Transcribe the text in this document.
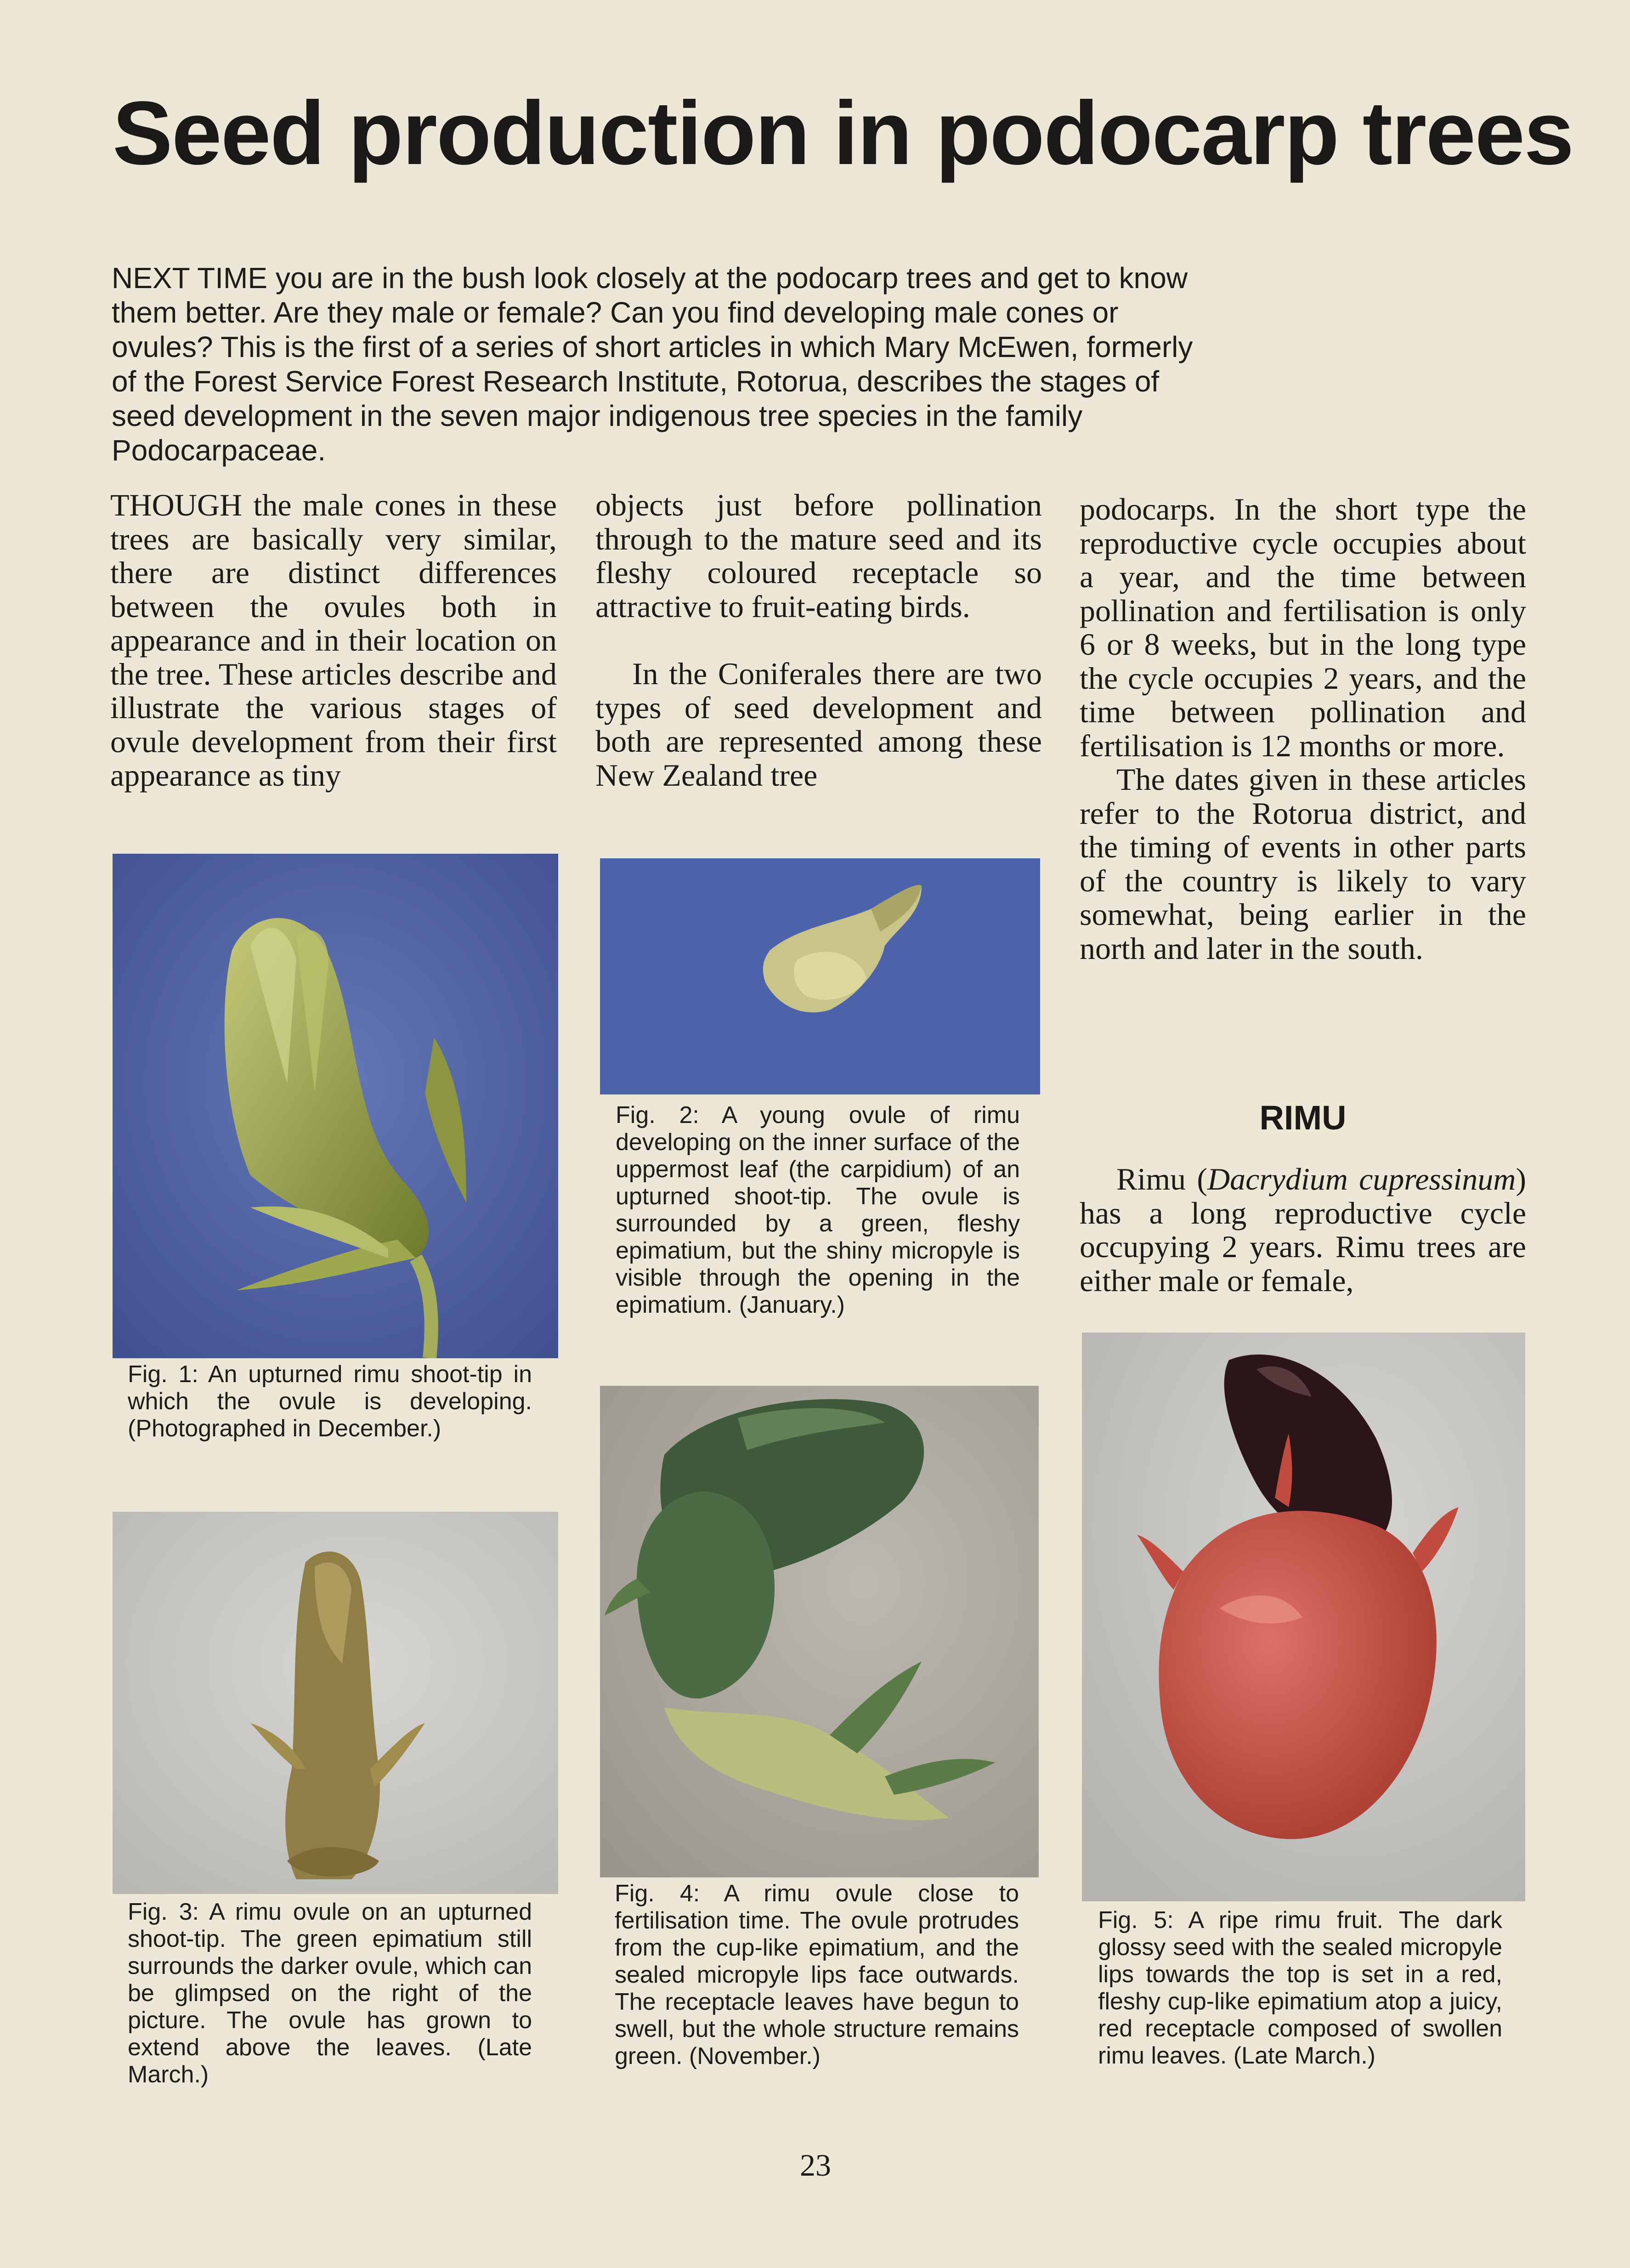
Seed production in podocarp trees

NEXT TIME you are in the bush look closely at the podocarp trees and get to know them better. Are they male or female? Can you find developing male cones or ovules? This is the first of a series of short articles in which Mary McEwen, formerly of the Forest Service Forest Research Institute, Rotorua, describes the stages of seed development in the seven major indigenous tree species in the family Podocarpaceae.

THOUGH the male cones in these trees are basically very similar, there are distinct differences between the ovules both in appearance and in their location on the tree. These articles describe and illustrate the various stages of ovule development from their first appearance as tiny

objects just before pollination through to the mature seed and its fleshy coloured receptacle so attractive to fruit-eating birds.

In the Coniferales there are two types of seed development and both are represented among these New Zealand tree

podocarps. In the short type the reproductive cycle occupies about a year, and the time between pollination and fertilisation is only 6 or 8 weeks, but in the long type the cycle occupies 2 years, and the time between pollination and fertilisation is 12 months or more.

The dates given in these articles refer to the Rotorua district, and the timing of events in other parts of the country is likely to vary somewhat, being earlier in the north and later in the south.

RIMU

Rimu (Dacrydium cupressinum) has a long reproductive cycle occupying 2 years. Rimu trees are either male or female,

Fig. 1: An upturned rimu shoot-tip in which the ovule is developing. (Photographed in December.)
Fig. 2: A young ovule of rimu developing on the inner surface of the uppermost leaf (the carpidium) of an upturned shoot-tip. The ovule is surrounded by a green, fleshy epimatium, but the shiny micropyle is visible through the opening in the epimatium. (January.)
Fig. 3: A rimu ovule on an upturned shoot-tip. The green epimatium still surrounds the darker ovule, which can be glimpsed on the right of the picture. The ovule has grown to extend above the leaves. (Late March.)
Fig. 4: A rimu ovule close to fertilisation time. The ovule protrudes from the cup-like epimatium, and the sealed micropyle lips face outwards. The receptacle leaves have begun to swell, but the whole structure remains green. (November.)
Fig. 5: A ripe rimu fruit. The dark glossy seed with the sealed micropyle lips towards the top is set in a red, fleshy cup-like epimatium atop a juicy, red receptacle composed of swollen rimu leaves. (Late March.)
23
